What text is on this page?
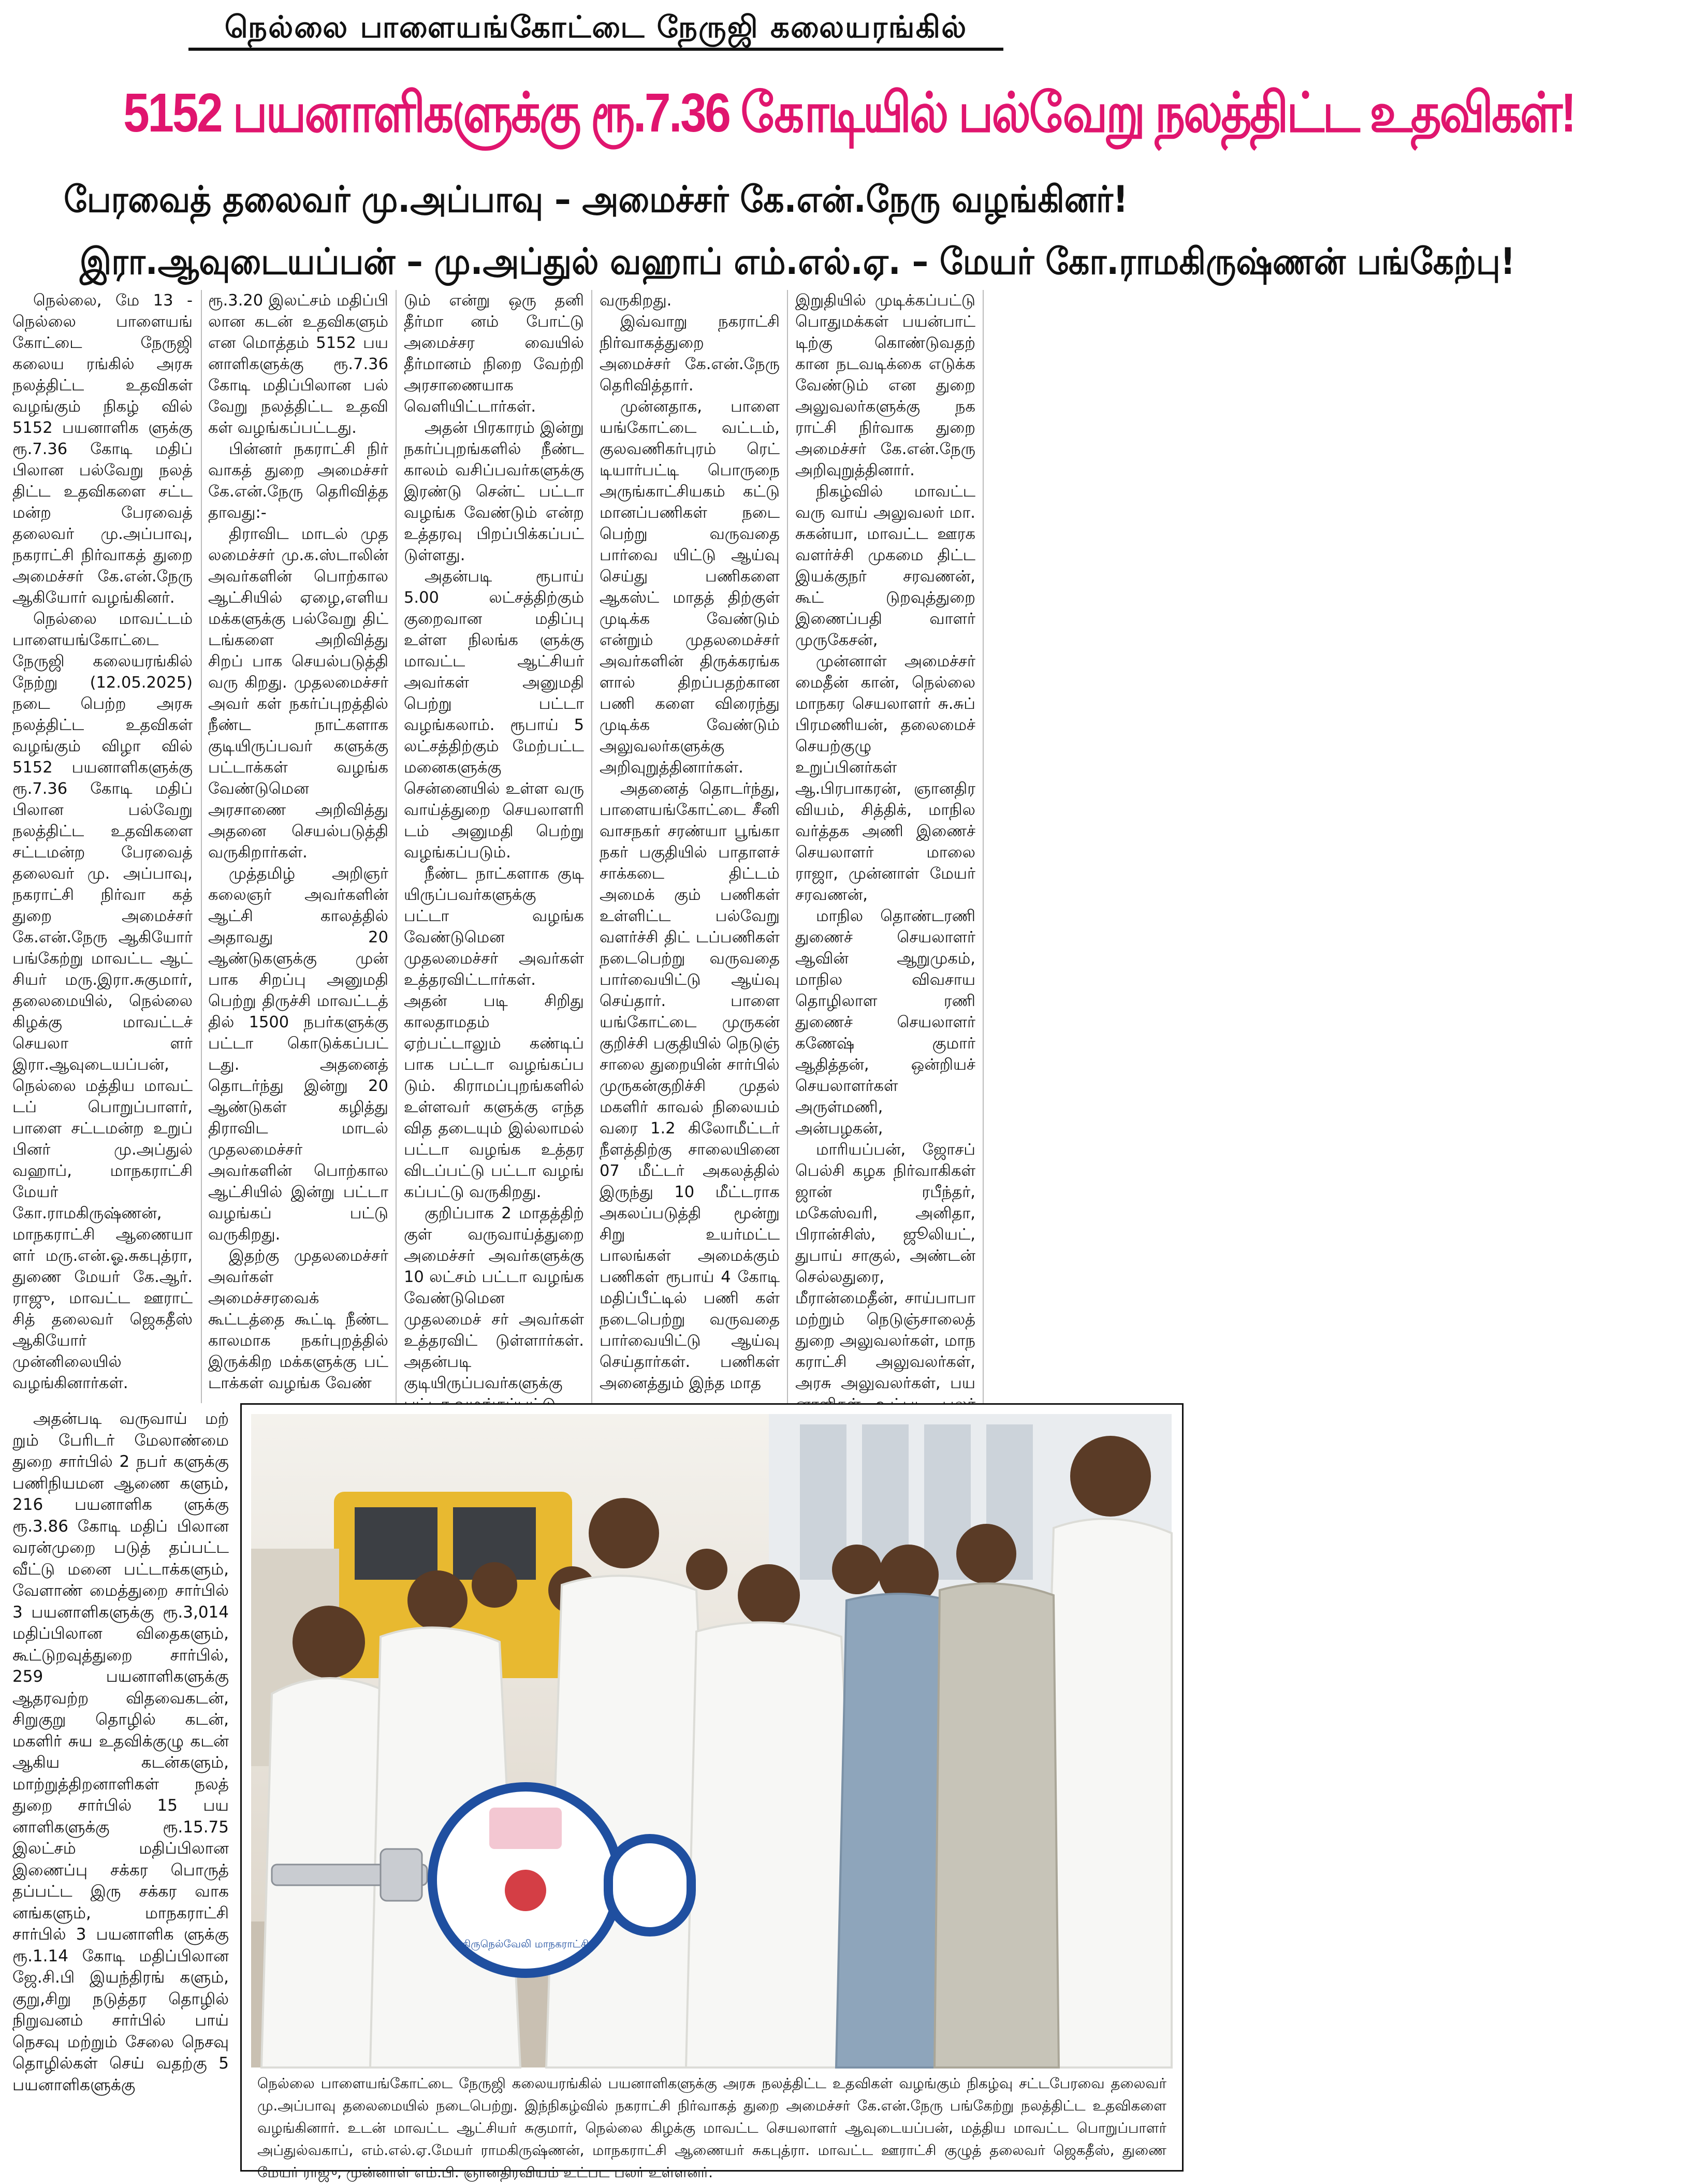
நெல்லை பாளையங்கோட்டை நேருஜி கலையரங்கில்
5152 பயனாளிகளுக்கு ரூ.7.36 கோடியில் பல்வேறு நலத்திட்ட உதவிகள்!
பேரவைத் தலைவர் மு.அப்பாவு – அமைச்சர் கே.என்.நேரு வழங்கினர்!
இரா.ஆவுடையப்பன் – மு.அப்துல் வஹாப் எம்.எல்.ஏ. – மேயர் கோ.ராமகிருஷ்ணன் பங்கேற்பு!

நெல்லை, மே 13 - நெல்லை பாளையங் கோட்டை நேருஜி கலைய ரங்கில் அரசு நலத்திட்ட உதவிகள் வழங்கும் நிகழ் வில் 5152 பயனாளிக ளுக்கு ரூ.7.36 கோடி மதிப் பிலான பல்வேறு நலத் திட்ட உதவிகளை சட்ட மன்ற பேரவைத் தலைவர் மு.அப்பாவு, நகராட்சி நிர்வாகத் துறை அமைச்சர் கே.என்.நேரு ஆகியோர் வழங்கினர்.

நெல்லை மாவட்டம் பாளையங்கோட்டை நேருஜி கலையரங்கில் நேற்று (12.05.2025) நடை பெற்ற அரசு நலத்திட்ட உதவிகள் வழங்கும் விழா வில் 5152 பயனாளிகளுக்கு ரூ.7.36 கோடி மதிப் பிலான பல்வேறு நலத்திட்ட உதவிகளை சட்டமன்ற பேரவைத் தலைவர் மு. அப்பாவு, நகராட்சி நிர்வா கத் துறை அமைச்சர் கே.என்.நேரு ஆகியோர் பங்கேற்று மாவட்ட ஆட் சியர் மரு.இரா.சுகுமார், தலைமையில், நெல்லை கிழக்கு மாவட்டச் செயலா ளர் இரா.ஆவுடையப்பன், நெல்லை மத்திய மாவட் டப் பொறுப்பாளர், பாளை சட்டமன்ற உறுப் பினர் மு.அப்துல் வஹாப், மாநகராட்சி மேயர் கோ.ராமகிருஷ்ணன், மாநகராட்சி ஆணையா ளர் மரு.என்.ஓ.சுகபுத்ரா, துணை மேயர் கே.ஆர். ராஜு, மாவட்ட ஊராட் சித் தலைவர் ஜெகதீஸ் ஆகியோர் முன்னிலையில் வழங்கினார்கள்.

ரூ.3.20 இலட்சம் மதிப்பி லான கடன் உதவிகளும் என மொத்தம் 5152 பய னாளிகளுக்கு ரூ.7.36 கோடி மதிப்பிலான பல் வேறு நலத்திட்ட உதவி கள் வழங்கப்பட்டது.

பின்னர் நகராட்சி நிர் வாகத் துறை அமைச்சர் கே.என்.நேரு தெரிவித்த தாவது:-

திராவிட மாடல் முத லமைச்சர் மு.க.ஸ்டாலின் அவர்களின் பொற்கால ஆட்சியில் ஏழை,எளிய மக்களுக்கு பல்வேறு திட் டங்களை அறிவித்து சிறப் பாக செயல்படுத்தி வரு கிறது. முதலமைச்சர் அவர் கள் நகர்ப்புறத்தில் நீண்ட நாட்களாக குடியிருப்பவர் களுக்கு பட்டாக்கள் வழங்க வேண்டுமென அரசாணை அறிவித்து அதனை செயல்படுத்தி வருகிறார்கள்.

முத்தமிழ் அறிஞர் கலைஞர் அவர்களின் ஆட்சி காலத்தில் அதாவது 20 ஆண்டுகளுக்கு முன் பாக சிறப்பு அனுமதி பெற்று திருச்சி மாவட்டத் தில் 1500 நபர்களுக்கு பட்டா கொடுக்கப்பட் டது. அதனைத் தொடர்ந்து இன்று 20 ஆண்டுகள் கழித்து திராவிட மாடல் முதலமைச்சர் அவர்களின் பொற்கால ஆட்சியில் இன்று பட்டா வழங்கப் பட்டு வருகிறது.

இதற்கு முதலமைச்சர் அவர்கள் அமைச்சரவைக் கூட்டத்தை கூட்டி நீண்ட காலமாக நகர்புறத்தில் இருக்கிற மக்களுக்கு பட் டாக்கள் வழங்க வேண்

டும் என்று ஒரு தனி தீர்மா னம் போட்டு அமைச்சர வையில் தீர்மானம் நிறை வேற்றி அரசாணையாக வெளியிட்டார்கள்.

அதன் பிரகாரம் இன்று நகர்ப்புறங்களில் நீண்ட காலம் வசிப்பவர்களுக்கு இரண்டு சென்ட் பட்டா வழங்க வேண்டும் என்ற உத்தரவு பிறப்பிக்கப்பட் டுள்ளது.

அதன்படி ரூபாய் 5.00 லட்சத்திற்கும் குறைவான மதிப்பு உள்ள நிலங்க ளுக்கு மாவட்ட ஆட்சியர் அவர்கள் அனுமதி பெற்று பட்டா வழங்கலாம். ரூபாய் 5 லட்சத்திற்கும் மேற்பட்ட மனைகளுக்கு சென்னையில் உள்ள வரு வாய்த்துறை செயலாளரி டம் அனுமதி பெற்று வழங்கப்படும்.

நீண்ட நாட்களாக குடி யிருப்பவர்களுக்கு பட்டா வழங்க வேண்டுமென முதலமைச்சர் அவர்கள் உத்தரவிட்டார்கள். அதன் படி சிறிது காலதாமதம் ஏற்பட்டாலும் கண்டிப் பாக பட்டா வழங்கப்ப டும். கிராமப்புறங்களில் உள்ளவர் களுக்கு எந்த வித தடையும் இல்லாமல் பட்டா வழங்க உத்தர விடப்பட்டு பட்டா வழங் கப்பட்டு வருகிறது.

குறிப்பாக 2 மாதத்திற் குள் வருவாய்த்துறை அமைச்சர் அவர்களுக்கு 10 லட்சம் பட்டா வழங்க வேண்டுமென முதலமைச் சர் அவர்கள் உத்தரவிட் டுள்ளார்கள். அதன்படி குடியிருப்பவர்களுக்கு

வருகிறது.

இவ்வாறு நகராட்சி நிர்வாகத்துறை அமைச்சர் கே.என்.நேரு தெரிவித்தார்.

முன்னதாக, பாளை யங்கோட்டை வட்டம், குலவணிகர்புரம் ரெட் டியார்பட்டி பொருநை அருங்காட்சியகம் கட்டு மானப்பணிகள் நடை பெற்று வருவதை பார்வை யிட்டு ஆய்வு செய்து பணிகளை ஆகஸ்ட் மாதத் திற்குள் முடிக்க வேண்டும் என்றும் முதலமைச்சர் அவர்களின் திருக்கரங்க ளால் திறப்பதற்கான பணி களை விரைந்து முடிக்க வேண்டும் அலுவலர்களுக்கு அறிவுறுத்தினார்கள்.

அதனைத் தொடர்ந்து, பாளையங்கோட்டை சீனி வாசநகர் சரண்யா பூங்கா நகர் பகுதியில் பாதாளச் சாக்கடை திட்டம் அமைக் கும் பணிகள் உள்ளிட்ட பல்வேறு வளர்ச்சி திட் டப்பணிகள் நடைபெற்று வருவதை பார்வையிட்டு ஆய்வு செய்தார். பாளை யங்கோட்டை முருகன் குறிச்சி பகுதியில் நெடுஞ் சாலை துறையின் சார்பில் முருகன்குறிச்சி முதல் மகளிர் காவல் நிலையம் வரை 1.2 கிலோமீட்டர் நீளத்திற்கு சாலையினை 07 மீட்டர் அகலத்தில் இருந்து 10 மீட்டராக அகலப்படுத்தி மூன்று சிறு உயர்மட்ட பாலங்கள் அமைக்கும் பணிகள் ரூபாய் 4 கோடி மதிப்பீட்டில் பணி கள் நடைபெற்று வருவதை பார்வையிட்டு ஆய்வு செய்தார்கள். பணிகள் அனைத்தும் இந்த மாத

இறுதியில் முடிக்கப்பட்டு பொதுமக்கள் பயன்பாட் டிற்கு கொண்டுவதற் கான நடவடிக்கை எடுக்க வேண்டும் என துறை அலுவலர்களுக்கு நக ராட்சி நிர்வாக துறை அமைச்சர் கே.என்.நேரு அறிவுறுத்தினார்.

நிகழ்வில் மாவட்ட வரு வாய் அலுவலர் மா. சுகன்யா, மாவட்ட ஊரக வளர்ச்சி முகமை திட்ட இயக்குநர் சரவணன், கூட் டுறவுத்துறை இணைப்பதி வாளர் முருகேசன்,

முன்னாள் அமைச்சர் மைதீன் கான், நெல்லை மாநகர செயலாளர் சு.சுப் பிரமணியன், தலைமைச் செயற்குழு உறுப்பினர்கள் ஆ.பிரபாகரன், ஞானதிர வியம், சித்திக், மாநில வர்த்தக அணி இணைச் செயலாளர் மாலை ராஜா, முன்னாள் மேயர் சரவணன்,

மாநில தொண்டரணி துணைச் செயலாளர் ஆவின் ஆறுமுகம், மாநில விவசாய தொழிலாள ரணி துணைச் செயலாளர் கணேஷ் குமார் ஆதித்தன், ஒன்றியச் செயலாளர்கள் அருள்மணி, அன்பழகன்,

மாரியப்பன், ஜோசப் பெல்சி கழக நிர்வாகிகள் ஜான் ரபீந்தர், மகேஸ்வரி, அனிதா, பிரான்சிஸ், ஜூலியட், துபாய் சாகுல், அண்டன் செல்லதுரை, மீரான்மைதீன், சாய்பாபா மற்றும் நெடுஞ்சாலைத் துறை அலுவலர்கள், மாந கராட்சி அலுவலர்கள், அரசு அலுவலர்கள், பய

அதன்படி வருவாய் மற் றும் பேரிடர் மேலாண்மை துறை சார்பில் 2 நபர் களுக்கு பணிநியமன ஆணை களும், 216 பயனாளிக ளுக்கு ரூ.3.86 கோடி மதிப் பிலான வரன்முறை படுத் தப்பட்ட வீட்டு மனை பட்டாக்களும், வேளாண் மைத்துறை சார்பில் 3 பயனாளிகளுக்கு ரூ.3,014 மதிப்பிலான விதைகளும், கூட்டுறவுத்துறை சார்பில், 259 பயனாளிகளுக்கு ஆதரவற்ற விதவைகடன், சிறுகுறு தொழில் கடன், மகளிர் சுய உதவிக்குழு கடன் ஆகிய கடன்களும், மாற்றுத்திறனாளிகள் நலத் துறை சார்பில் 15 பய னாளிகளுக்கு ரூ.15.75 இலட்சம் மதிப்பிலான இணைப்பு சக்கர பொருத் தப்பட்ட இரு சக்கர வாக னங்களும், மாநகராட்சி சார்பில் 3 பயனாளிக ளுக்கு ரூ.1.14 கோடி மதிப்பிலான ஜே.சி.பி இயந்திரங் களும், குறு,சிறு நடுத்தர தொழில் நிறுவனம் சார்பில் பாய் நெசவு மற்றும் சேலை நெசவு தொழில்கள் செய் வதற்கு 5 பயனாளிகளுக்கு

திருநெல்வேலி மாநகராட்சி
நெல்லை பாளையங்கோட்டை நேருஜி கலையரங்கில் பயனாளிகளுக்கு அரசு நலத்திட்ட உதவிகள் வழங்கும் நிகழ்வு சட்டபேரவை தலைவர் மு.அப்பாவு தலைமையில் நடைபெற்று. இந்நிகழ்வில் நகராட்சி நிர்வாகத் துறை அமைச்சர் கே.என்.நேரு பங்கேற்று நலத்திட்ட உதவிகளை வழங்கினார். உடன் மாவட்ட ஆட்சியர் சுகுமார், நெல்லை கிழக்கு மாவட்ட செயலாளர் ஆவுடையப்பன், மத்திய மாவட்ட பொறுப்பாளர் அப்துல்வகாப், எம்.எல்.ஏ.மேயர் ராமகிருஷ்ணன், மாநகராட்சி ஆணையர் சுகபுத்ரா. மாவட்ட ஊராட்சி குழுத் தலைவர் ஜெகதீஸ், துணை மேயர் ராஜு, முன்னாள் எம்.பி. ஞானதிரவியம் உட்பட பலர் உள்ளனர்.
